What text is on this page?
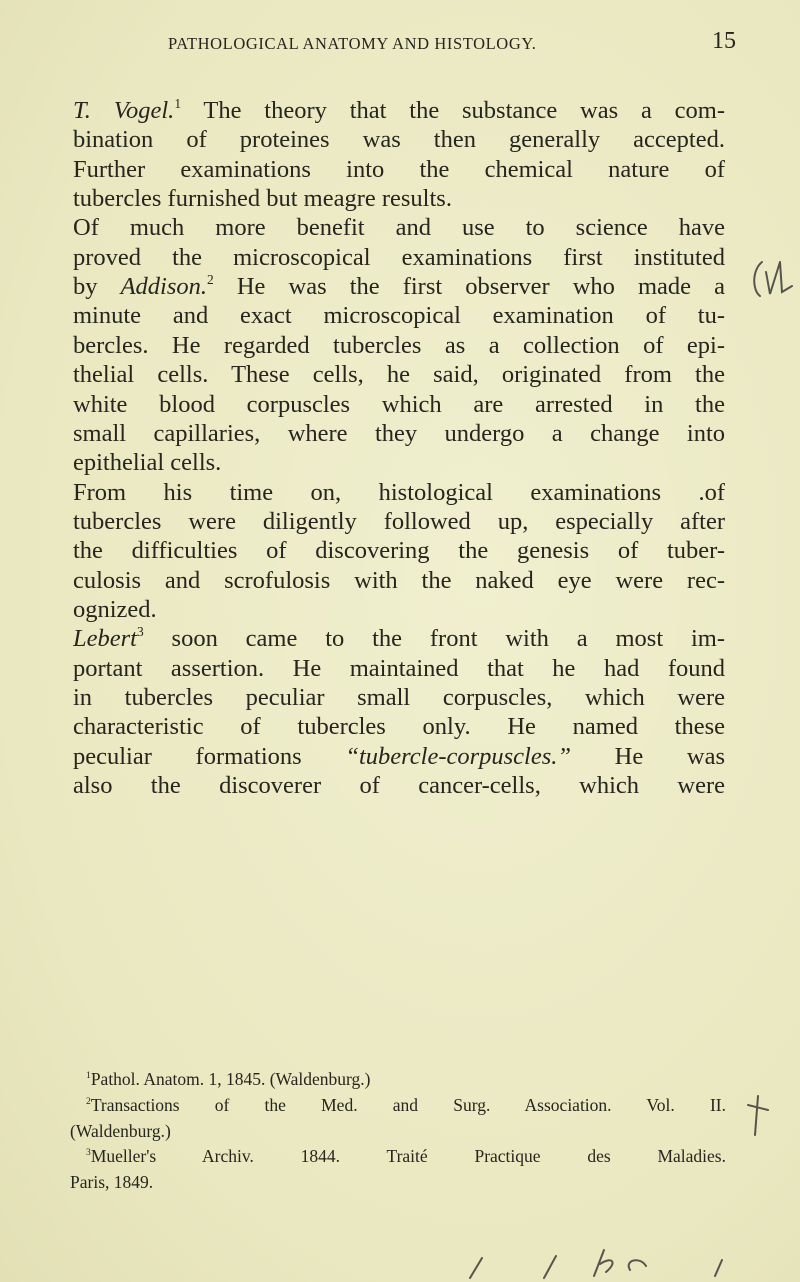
PATHOLOGICAL ANATOMY AND HISTOLOGY.	15
T. Vogel.$^1$ The theory that the substance was a com-
bination of proteines was then generally accepted.
Further examinations into the chemical nature of
tubercles furnished but meagre results.
Of much more benefit and use to science have
proved the microscopical examinations first instituted
by Addison.$^2$ He was the first observer who made a
minute and exact microscopical examination of tu-
bercles. He regarded tubercles as a collection of epi-
thelial cells. These cells, he said, originated from the
white blood corpuscles which are arrested in the
small capillaries, where they undergo a change into
epithelial cells.
From his time on, histological examinations .of
tubercles were diligently followed up, especially after
the difficulties of discovering the genesis of tuber-
culosis and scrofulosis with the naked eye were rec-
ognized.
Lebert$^3$ soon came to the front with a most im-
portant assertion. He maintained that he had found
in tubercles peculiar small corpuscles, which were
characteristic of tubercles only. He named these
peculiar formations “tubercle-corpuscles.” He was
also the discoverer of cancer-cells, which were
$^1$Pathol. Anatom. 1, 1845. (Waldenburg.)
$^2$Transactions of the Med. and Surg. Association. Vol. II.
(Waldenburg.)
$^3$Mueller's Archiv. 1844. Traité Practique des Maladies.
Paris, 1849.
